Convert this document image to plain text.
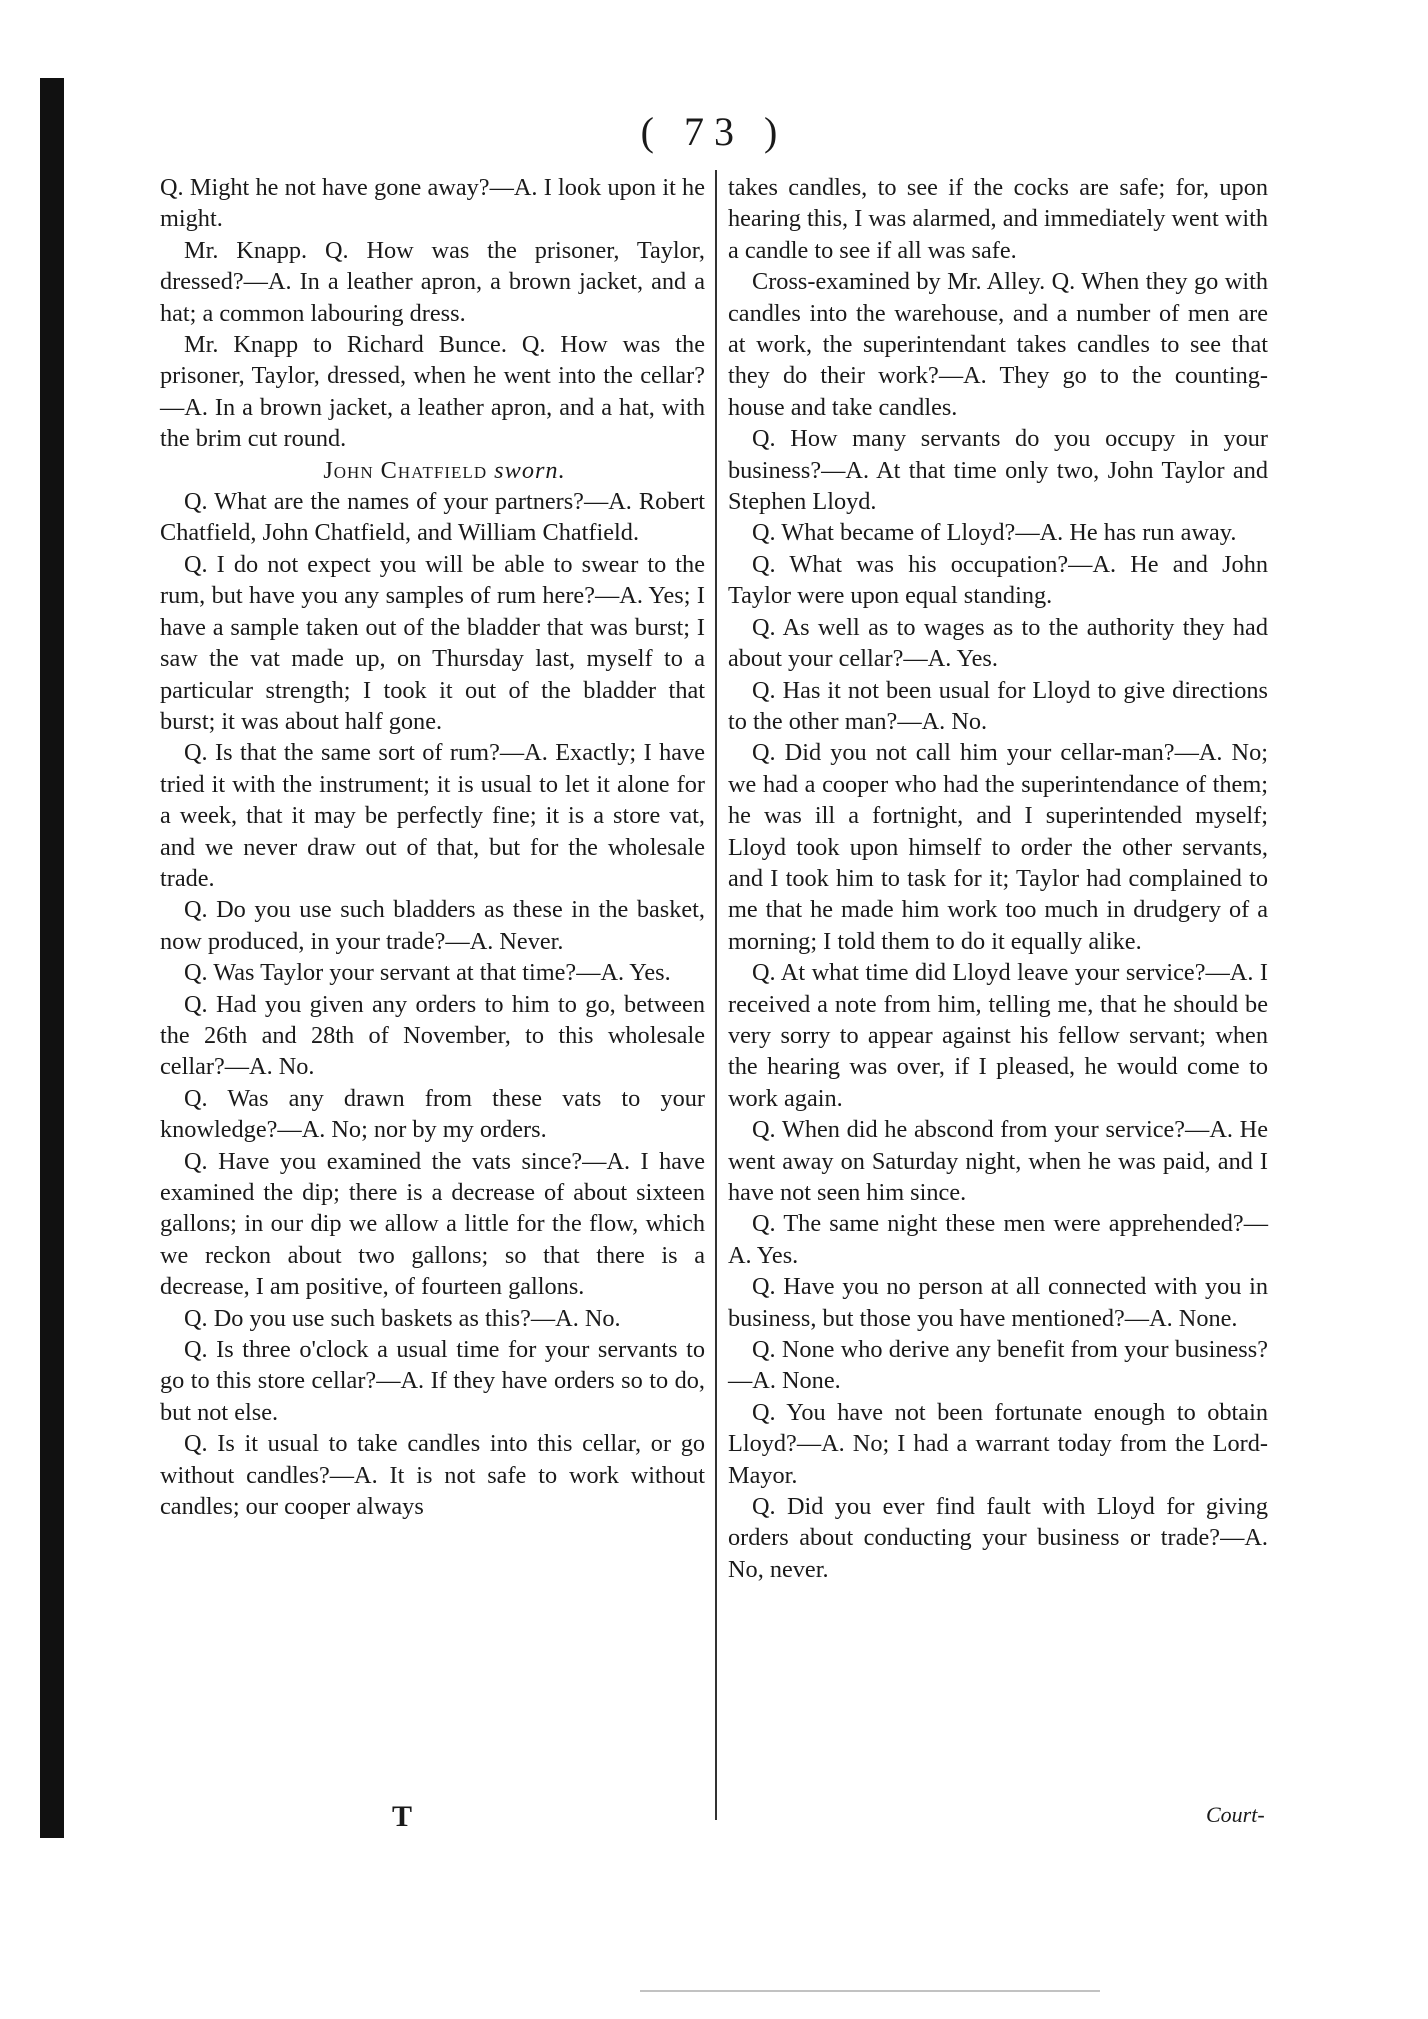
( 73 )

Q. Might he not have gone away?—A. I look upon it he might.

Mr. Knapp. Q. How was the prisoner, Taylor, dressed?—A. In a leather apron, a brown jacket, and a hat; a common labouring dress.

Mr. Knapp to Richard Bunce. Q. How was the prisoner, Taylor, dressed, when he went into the cellar?—A. In a brown jacket, a leather apron, and a hat, with the brim cut round.

John Chatfield sworn.

Q. What are the names of your partners?—A. Robert Chatfield, John Chatfield, and William Chatfield.

Q. I do not expect you will be able to swear to the rum, but have you any samples of rum here?—A. Yes; I have a sample taken out of the bladder that was burst; I saw the vat made up, on Thursday last, myself to a particular strength; I took it out of the bladder that burst; it was about half gone.

Q. Is that the same sort of rum?—A. Exactly; I have tried it with the instrument; it is usual to let it alone for a week, that it may be perfectly fine; it is a store vat, and we never draw out of that, but for the wholesale trade.

Q. Do you use such bladders as these in the basket, now produced, in your trade?—A. Never.

Q. Was Taylor your servant at that time?—A. Yes.

Q. Had you given any orders to him to go, between the 26th and 28th of November, to this wholesale cellar?—A. No.

Q. Was any drawn from these vats to your knowledge?—A. No; nor by my orders.

Q. Have you examined the vats since?—A. I have examined the dip; there is a decrease of about sixteen gallons; in our dip we allow a little for the flow, which we reckon about two gallons; so that there is a decrease, I am positive, of fourteen gallons.

Q. Do you use such baskets as this?—A. No.

Q. Is three o'clock a usual time for your servants to go to this store cellar?—A. If they have orders so to do, but not else.

Q. Is it usual to take candles into this cellar, or go without candles?—A. It is not safe to work without candles; our cooper always

takes candles, to see if the cocks are safe; for, upon hearing this, I was alarmed, and immediately went with a candle to see if all was safe.

Cross-examined by Mr. Alley. Q. When they go with candles into the warehouse, and a number of men are at work, the superintendant takes candles to see that they do their work?—A. They go to the counting-house and take candles.

Q. How many servants do you occupy in your business?—A. At that time only two, John Taylor and Stephen Lloyd.

Q. What became of Lloyd?—A. He has run away.

Q. What was his occupation?—A. He and John Taylor were upon equal standing.

Q. As well as to wages as to the authority they had about your cellar?—A. Yes.

Q. Has it not been usual for Lloyd to give directions to the other man?—A. No.

Q. Did you not call him your cellar-man?—A. No; we had a cooper who had the superintendance of them; he was ill a fortnight, and I superintended myself; Lloyd took upon himself to order the other servants, and I took him to task for it; Taylor had complained to me that he made him work too much in drudgery of a morning; I told them to do it equally alike.

Q. At what time did Lloyd leave your service?—A. I received a note from him, telling me, that he should be very sorry to appear against his fellow servant; when the hearing was over, if I pleased, he would come to work again.

Q. When did he abscond from your service?—A. He went away on Saturday night, when he was paid, and I have not seen him since.

Q. The same night these men were apprehended?—A. Yes.

Q. Have you no person at all connected with you in business, but those you have mentioned?—A. None.

Q. None who derive any benefit from your business?—A. None.

Q. You have not been fortunate enough to obtain Lloyd?—A. No; I had a warrant today from the Lord-Mayor.

Q. Did you ever find fault with Lloyd for giving orders about conducting your business or trade?—A. No, never.

T	Court-
